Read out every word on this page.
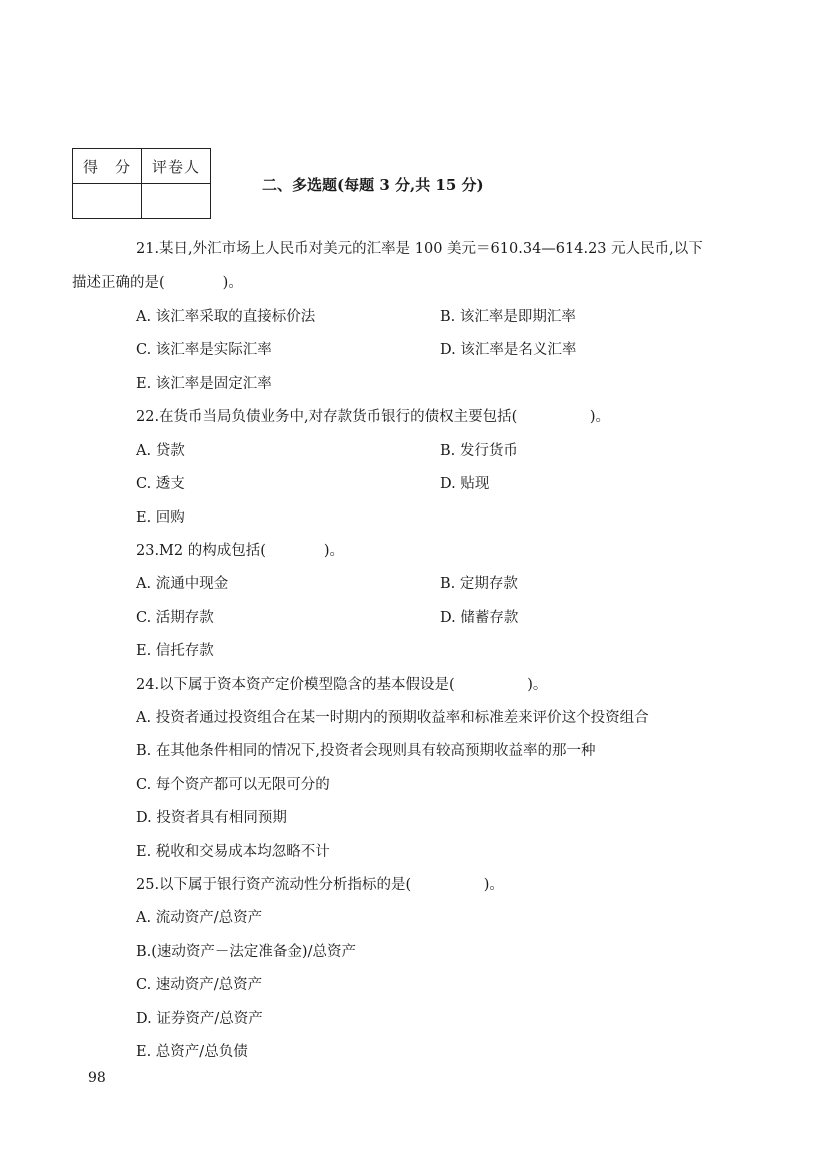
得　分	评卷人

二、多选题(每题 3 分,共 15 分)
21.某日,外汇市场上人民币对美元的汇率是 100 美元＝610.34—614.23 元人民币,以下
描述正确的是(　　　　)。
A. 该汇率采取的直接标价法	B. 该汇率是即期汇率
C. 该汇率是实际汇率	D. 该汇率是名义汇率
E. 该汇率是固定汇率
22.在货币当局负债业务中,对存款货币银行的债权主要包括(　　　　　)。
A. 贷款	B. 发行货币
C. 透支	D. 贴现
E. 回购
23.M2 的构成包括(　　　　)。
A. 流通中现金	B. 定期存款
C. 活期存款	D. 储蓄存款
E. 信托存款
24.以下属于资本资产定价模型隐含的基本假设是(　　　　　)。
A. 投资者通过投资组合在某一时期内的预期收益率和标准差来评价这个投资组合
B. 在其他条件相同的情况下,投资者会现则具有较高预期收益率的那一种
C. 每个资产都可以无限可分的
D. 投资者具有相同预期
E. 税收和交易成本均忽略不计
25.以下属于银行资产流动性分析指标的是(　　　　　)。
A. 流动资产/总资产
B.(速动资产－法定准备金)/总资产
C. 速动资产/总资产
D. 证券资产/总资产
E. 总资产/总负债
98
